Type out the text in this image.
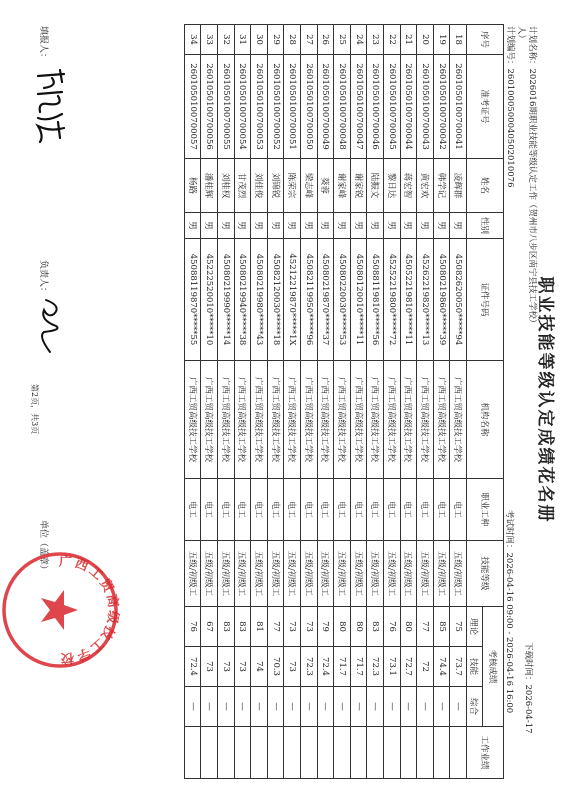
职业技能等级认定成绩花名册
计划名称：2026016期职业技能等级认定工作（贺州市八步区南宁县技工学校）
人）
计划编号：2601000500040502010076
下载时间：2026-04-17
考试时间：2026-04-16 09:00 - 2026-04-16 16:00
序号	准考证号	姓名	性别	证件号码	机构名称	职业工种	技能等级	考核成绩			工作业绩
								理论	技能	综合	
18	2601050100700041	凌辉群	男	45082620050*****94	广西工贸高级技工学校	电工	五级/初级工	75	73.7	—	
19	2601050100700042	韩学记	男	45080219860*****39	广西工贸高级技工学校	电工	五级/初级工	85	74.4	—	
20	2601050100700043	黄宏欢	男	45262219820*****13	广西工贸高级技工学校	电工	五级/初级工	77	72	—	
21	2601050100700044	蒋宏智	男	45052219810*****11	广西工贸高级技工学校	电工	五级/初级工	80	72.7	—	
22	2601050100700045	黎日达	男	45252219800*****72	广西工贸高级技工学校	电工	五级/初级工	76	73.1	—	
23	2601050100700046	陆振文	男	45088119810*****56	广西工贸高级技工学校	电工	五级/初级工	83	72.3	—	
24	2601050100700047	谢家锐	男	45080120010*****11	广西工贸高级技工学校	电工	五级/初级工	80	71.7	—	
25	2601050100700048	谢家峰	男	45080220030*****53	广西工贸高级技工学校	电工	五级/初级工	80	71.7	—	
26	2601050100700049	葵蓉	男	45080219870*****37	广西工贸高级技工学校	电工	五级/初级工	79	72.4	—	
27	2601050100700050	梁志峰	男	45082119950*****96	广西工贸高级技工学校	电工	五级/初级工	73	72.3	—	
28	2601050100700051	陈荣宗	男	45212219870*****1X	广西工贸高级技工学校	电工	五级/初级工	73	73	—	
29	2601050100700052	刘锦锐	男	45082120030*****18	广西工贸高级技工学校	电工	五级/初级工	77	70.3	—	
30	2601050100700053	刘佳俊	男	45080219980*****43	广西工贸高级技工学校	电工	五级/初级工	81	74	—	
31	2601050100700054	甘茂烈	男	45080219940*****38	广西工贸高级技工学校	电工	五级/初级工	83	73	—	
32	2601050100700055	刘桂权	男	45080219990*****14	广西工贸高级技工学校	电工	五级/初级工	83	73	—	
33	2601050100700056	潘桂辉	男	45222520010*****10	广西工贸高级技工学校	电工	五级/初级工	67	73	—	
34	2601050100700057	杨路	男	45088119870*****55	广西工贸高级技工学校	电工	五级/初级工	76	72.4	—	
填报人：
负责人：
单位（盖章）
第2页，共3页
广西工贸高级技工学校
